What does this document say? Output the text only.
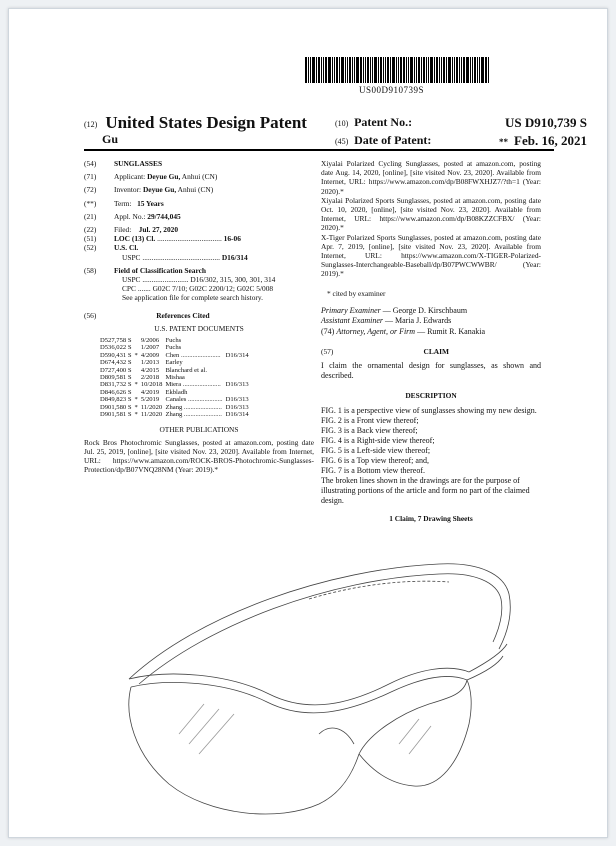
US00D910739S
(12) United States Design Patent
Gu
(10) Patent No.:	US D910,739 S
(45) Date of Patent:	** Feb. 16, 2021
(54) SUNGLASSES
(71) Applicant: Deyue Gu, Anhui (CN)
(72) Inventor: Deyue Gu, Anhui (CN)
(**) Term: 15 Years
(21) Appl. No.: 29/744,045
(22) Filed: Jul. 27, 2020
(51) LOC (13) Cl. ................................... 16-06
(52) U.S. Cl.
USPC .......................................... D16/314
(58) Field of Classification Search
USPC ......................... D16/302, 315, 300, 301, 314
CPC ....... G02C 7/10; G02C 2200/12; G02C 5/008
See application file for complete search history.
(56)	References Cited
U.S. PATENT DOCUMENTS
D527,758 S		9/2006	Fuchs	
D536,022 S		1/2007	Fuchs	
D590,431 S	*	4/2009	Chen ........................	D16/314
D674,432 S		1/2013	Earley	
D727,400 S		4/2015	Blanchard et al.	
D809,581 S		2/2018	Mishaa	
D831,732 S	*	10/2018	Miera .......................	D16/313
D846,626 S		4/2019	Ekbladh	
D849,823 S	*	5/2019	Canales .....................	D16/313
D901,580 S	*	11/2020	Zhang .......................	D16/313
D901,581 S	*	11/2020	Zhang .......................	D16/314
OTHER PUBLICATIONS
Rock Bros Photochromic Sunglasses, posted at amazon.com, posting date Jul. 25, 2019, [online], [site visited Nov. 23, 2020]. Available from Internet, URL: https://www.amazon.com/ROCK-BROS-Photochromic-Sunglasses-Protection/dp/B07VNQ28NM (Year: 2019).*
Xiyalai Polarized Cycling Sunglasses, posted at amazon.com, posting date Aug. 14, 2020, [online], [site visited Nov. 23, 2020]. Available from Internet, URL: https://www.amazon.com/dp/B08FWXHJZ7/?th=1 (Year: 2020).*
Xiyalai Polarized Sports Sunglasses, posted at amazon.com, posting date Oct. 10, 2020, [online], [site visited Nov. 23, 2020]. Available from Internet, URL: https://www.amazon.com/dp/B08KZZCFBX/ (Year: 2020).*
X-Tiger Polarized Sports Sunglasses, posted at amazon.com, posting date Apr. 7, 2019, [online], [site visited Nov. 23, 2020]. Available from Internet, URL: https://www.amazon.com/X-TIGER-Polarized-Sunglasses-Interchangeable-Baseball/dp/B07PWCWWBR/ (Year: 2019).*
* cited by examiner
Primary Examiner — George D. Kirschbaum
Assistant Examiner — Maria J. Edwards
(74) Attorney, Agent, or Firm — Rumit R. Kanakia
(57)	CLAIM
I claim the ornamental design for sunglasses, as shown and described.
DESCRIPTION

FIG. 1 is a perspective view of sunglasses showing my new design.

FIG. 2 is a Front view thereof;

FIG. 3 is a Back view thereof;

FIG. 4 is a Right-side view thereof;

FIG. 5 is a Left-side view thereof;

FIG. 6 is a Top view thereof; and,

FIG. 7 is a Bottom view thereof.

The broken lines shown in the drawings are for the purpose of illustrating portions of the article and form no part of the claimed design.

1 Claim, 7 Drawing Sheets
